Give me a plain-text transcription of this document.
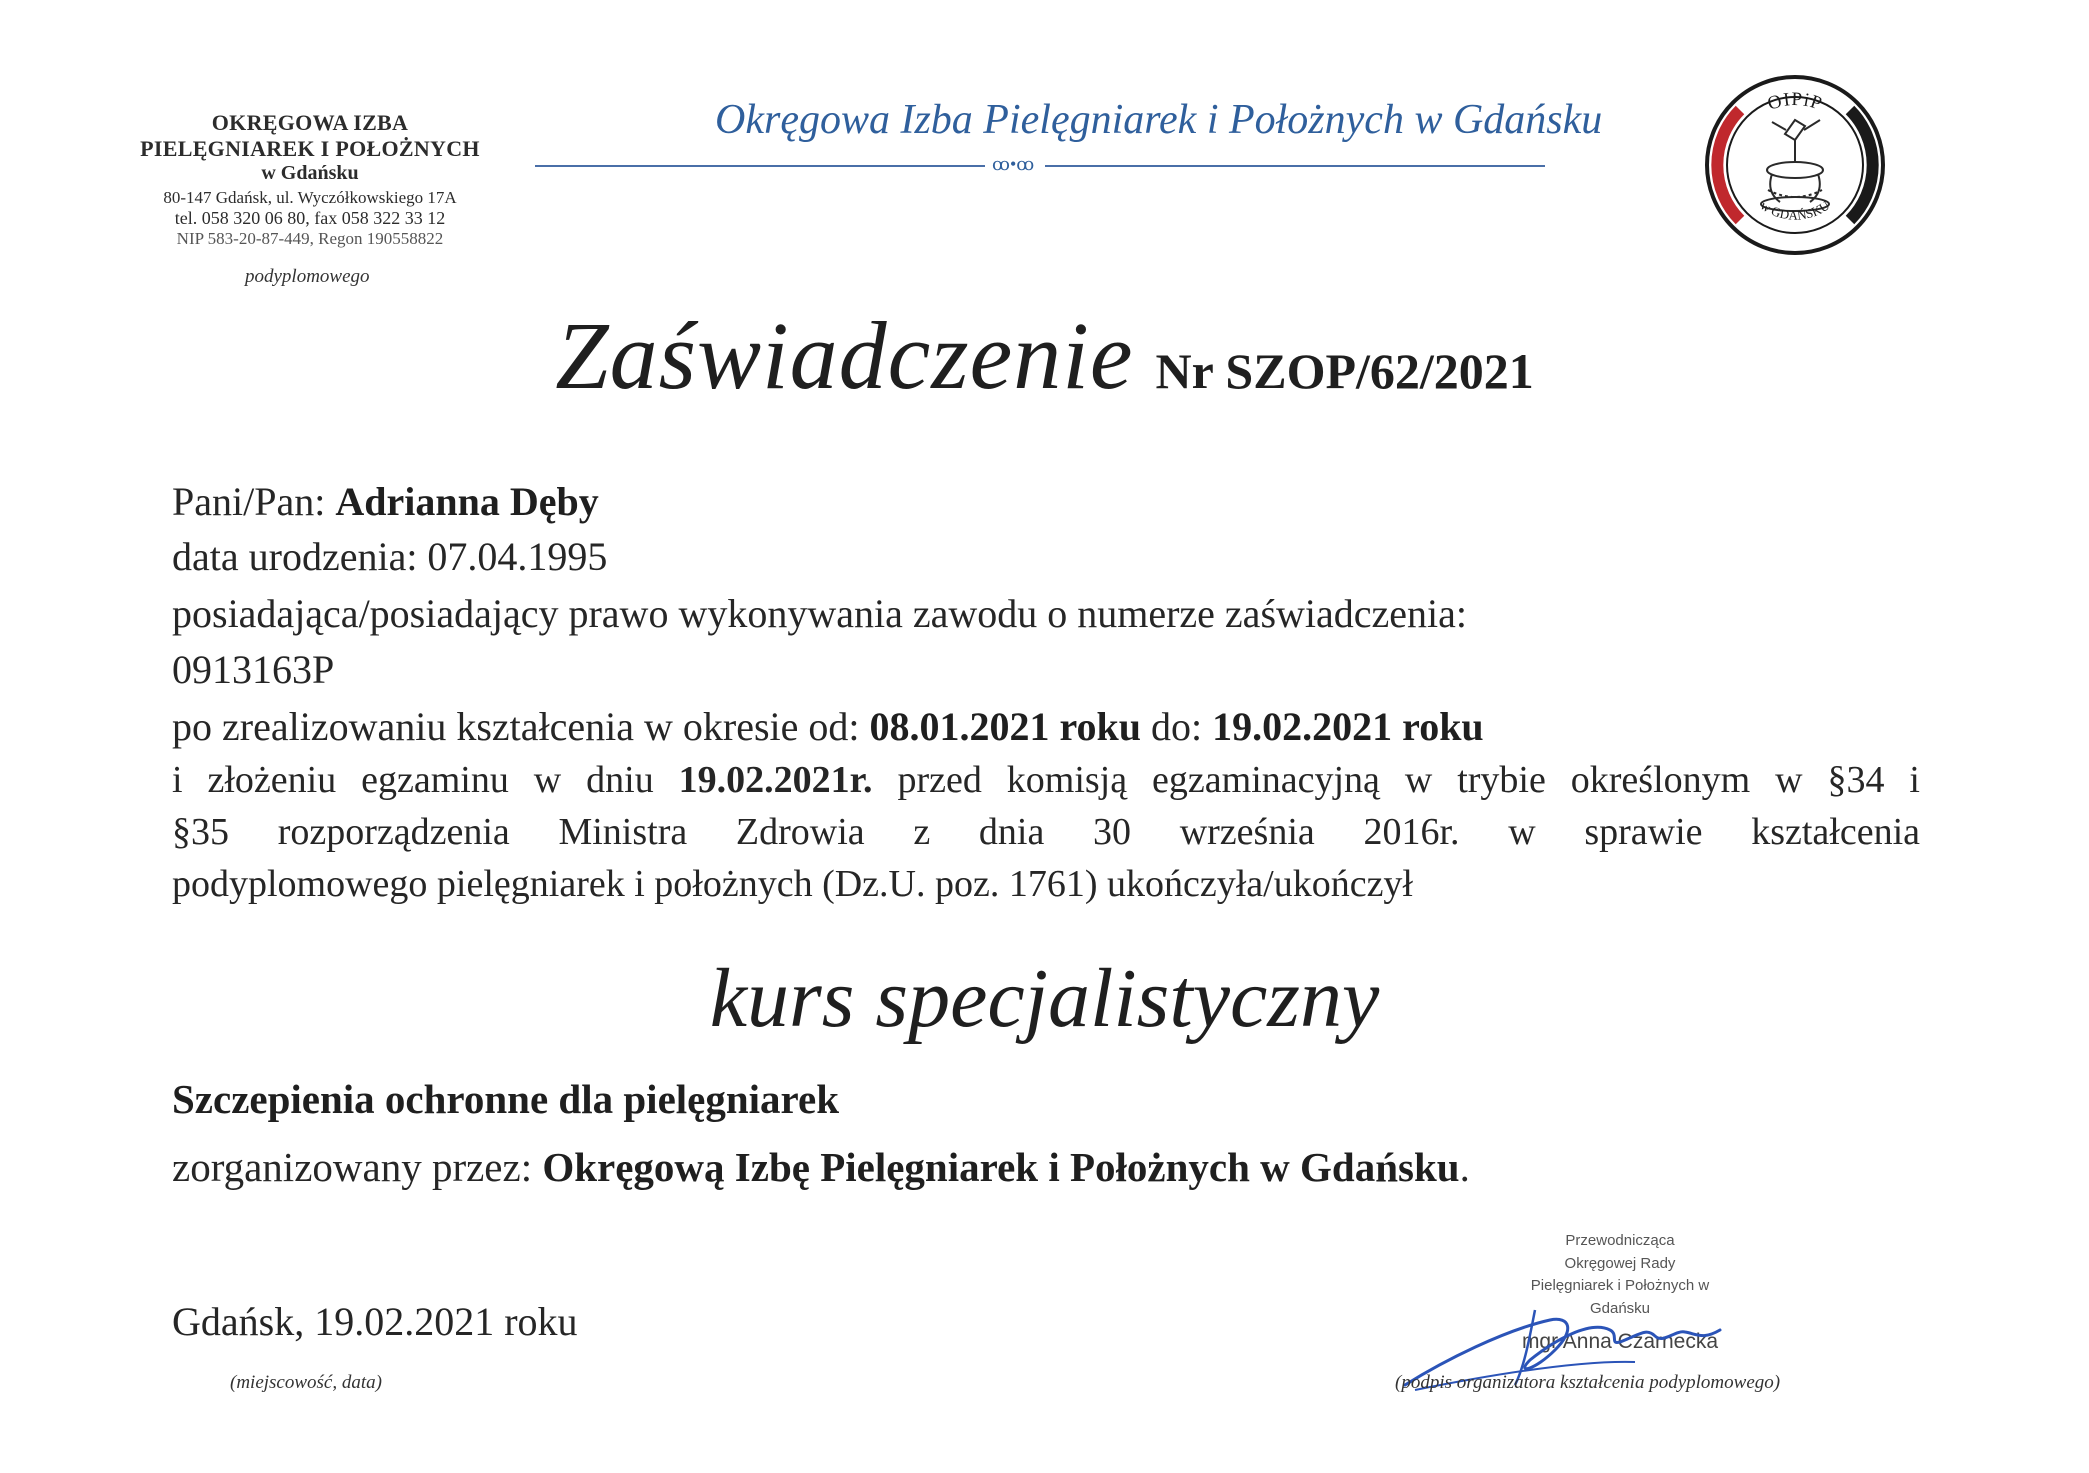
OKRĘGOWA IZBA
PIELĘGNIAREK I POŁOŻNYCH
w Gdańsku
80-147 Gdańsk, ul. Wyczółkowskiego 17A
tel. 058 320 06 80, fax 058 322 33 12
NIP 583-20-87-449, Regon 190558822
podyplomowego
Okręgowa Izba Pielęgniarek i Położnych w Gdańsku
ꝏ•ꝏ
OIPiP
w GDAŃSKU
Zaświadczenie Nr SZOP/62/2021
Pani/Pan: Adrianna Dęby
data urodzenia: 07.04.1995
posiadająca/posiadający prawo wykonywania zawodu o numerze zaświadczenia:
0913163P
po zrealizowaniu kształcenia w okresie od: 08.01.2021 roku do: 19.02.2021 roku
i złożeniu egzaminu w dniu 19.02.2021r. przed komisją egzaminacyjną w trybie określonym w §34 i
§35 rozporządzenia Ministra Zdrowia z dnia 30 września 2016r. w sprawie kształcenia
podyplomowego pielęgniarek i położnych (Dz.U. poz. 1761) ukończyła/ukończył
kurs specjalistyczny
Szczepienia ochronne dla pielęgniarek
zorganizowany przez: Okręgową Izbę Pielęgniarek i Położnych w Gdańsku.
Gdańsk, 19.02.2021 roku
(miejscowość, data)
Przewodnicząca
Okręgowej Rady
Pielęgniarek i Położnych w Gdańsku
mgr Anna Czarnecka
(podpis organizatora kształcenia podyplomowego)
